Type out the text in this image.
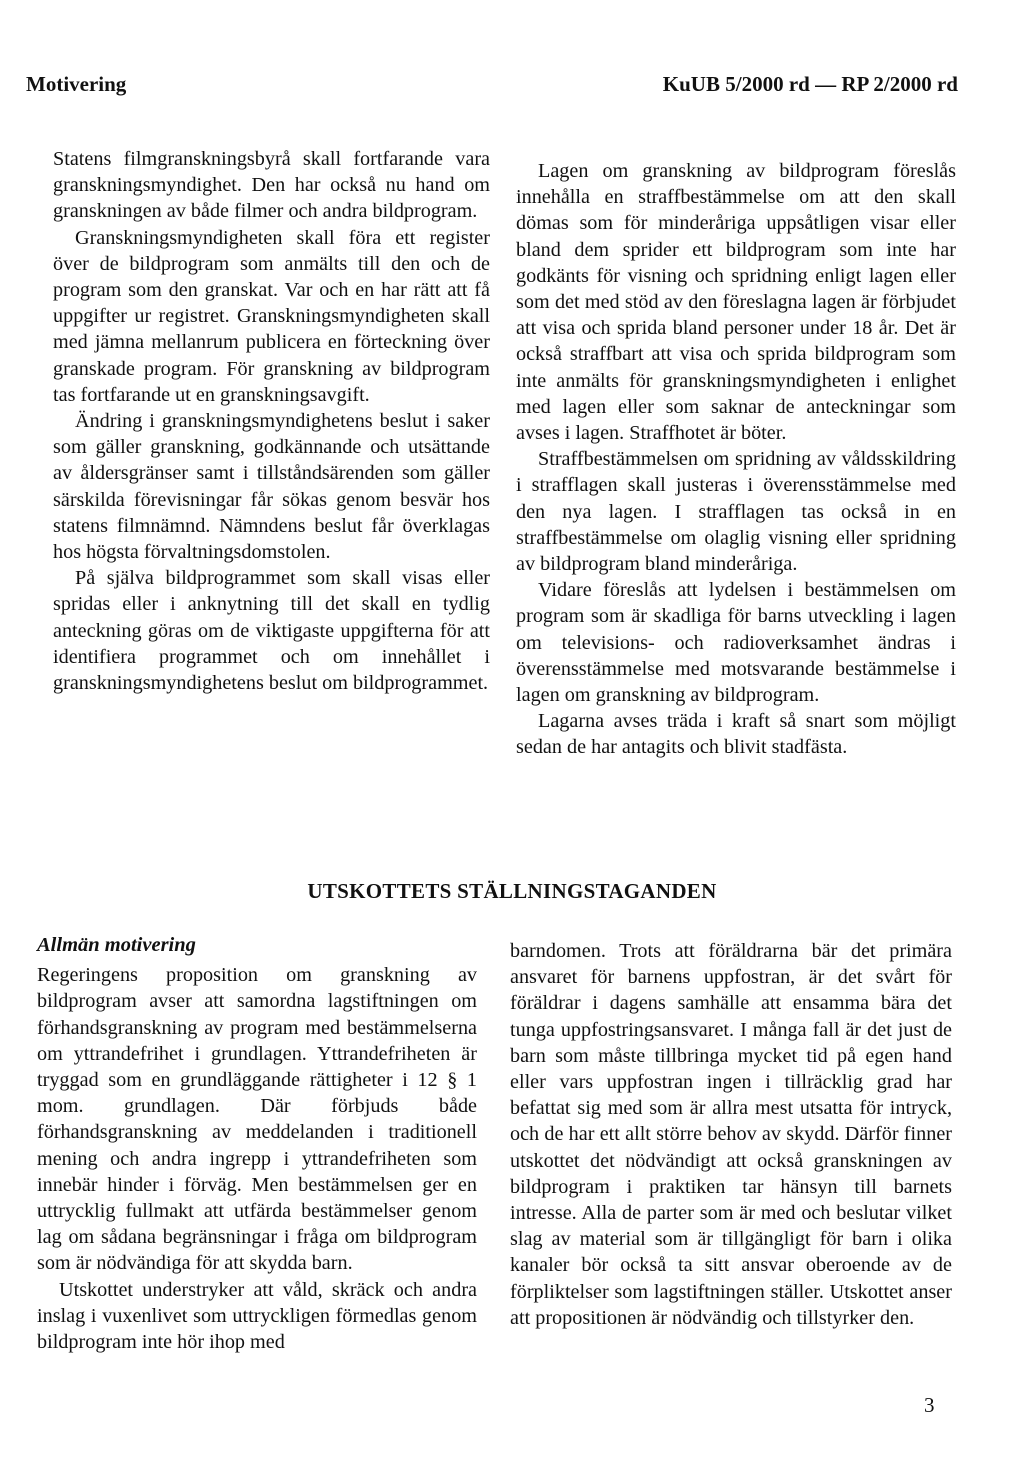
Motivering	KuUB 5/2000 rd — RP 2/2000 rd

Statens filmgranskningsbyrå skall fortfarande vara granskningsmyndighet. Den har också nu hand om granskningen av både filmer och andra bildprogram.

Granskningsmyndigheten skall föra ett register över de bildprogram som anmälts till den och de program som den granskat. Var och en har rätt att få uppgifter ur registret. Granskningsmyndigheten skall med jämna mellanrum publicera en förteckning över granskade program. För granskning av bildprogram tas fortfarande ut en granskningsavgift.

Ändring i granskningsmyndighetens beslut i saker som gäller granskning, godkännande och utsättande av åldersgränser samt i tillståndsärenden som gäller särskilda förevisningar får sökas genom besvär hos statens filmnämnd. Nämndens beslut får överklagas hos högsta förvaltningsdomstolen.

På själva bildprogrammet som skall visas eller spridas eller i anknytning till det skall en tydlig anteckning göras om de viktigaste uppgifterna för att identifiera programmet och om innehållet i granskningsmyndighetens beslut om bildprogrammet.

Lagen om granskning av bildprogram föreslås innehålla en straffbestämmelse om att den skall dömas som för minderåriga uppsåtligen visar eller bland dem sprider ett bildprogram som inte har godkänts för visning och spridning enligt lagen eller som det med stöd av den föreslagna lagen är förbjudet att visa och sprida bland personer under 18 år. Det är också straffbart att visa och sprida bildprogram som inte anmälts för granskningsmyndigheten i enlighet med lagen eller som saknar de anteckningar som avses i lagen. Straffhotet är böter.

Straffbestämmelsen om spridning av våldsskildring i strafflagen skall justeras i överensstämmelse med den nya lagen. I strafflagen tas också in en straffbestämmelse om olaglig visning eller spridning av bildprogram bland minderåriga.

Vidare föreslås att lydelsen i bestämmelsen om program som är skadliga för barns utveckling i lagen om televisions- och radioverksamhet ändras i överensstämmelse med motsvarande bestämmelse i lagen om granskning av bildprogram.

Lagarna avses träda i kraft så snart som möjligt sedan de har antagits och blivit stadfästa.

UTSKOTTETS STÄLLNINGSTAGANDEN
Allmän motivering

Regeringens proposition om granskning av bildprogram avser att samordna lagstiftningen om förhandsgranskning av program med bestämmelserna om yttrandefrihet i grundlagen. Yttrandefriheten är tryggad som en grundläggande rättigheter i 12 § 1 mom. grundlagen. Där förbjuds både förhandsgranskning av meddelanden i traditionell mening och andra ingrepp i yttrandefriheten som innebär hinder i förväg. Men bestämmelsen ger en uttrycklig fullmakt att utfärda bestämmelser genom lag om sådana begränsningar i fråga om bildprogram som är nödvändiga för att skydda barn.

Utskottet understryker att våld, skräck och andra inslag i vuxenlivet som uttryckligen förmedlas genom bildprogram inte hör ihop med

barndomen. Trots att föräldrarna bär det primära ansvaret för barnens uppfostran, är det svårt för föräldrar i dagens samhälle att ensamma bära det tunga uppfostringsansvaret. I många fall är det just de barn som måste tillbringa mycket tid på egen hand eller vars uppfostran ingen i tillräcklig grad har befattat sig med som är allra mest utsatta för intryck, och de har ett allt större behov av skydd. Därför finner utskottet det nödvändigt att också granskningen av bildprogram i praktiken tar hänsyn till barnets intresse. Alla de parter som är med och beslutar vilket slag av material som är tillgängligt för barn i olika kanaler bör också ta sitt ansvar oberoende av de förpliktelser som lagstiftningen ställer. Utskottet anser att propositionen är nödvändig och tillstyrker den.

3
